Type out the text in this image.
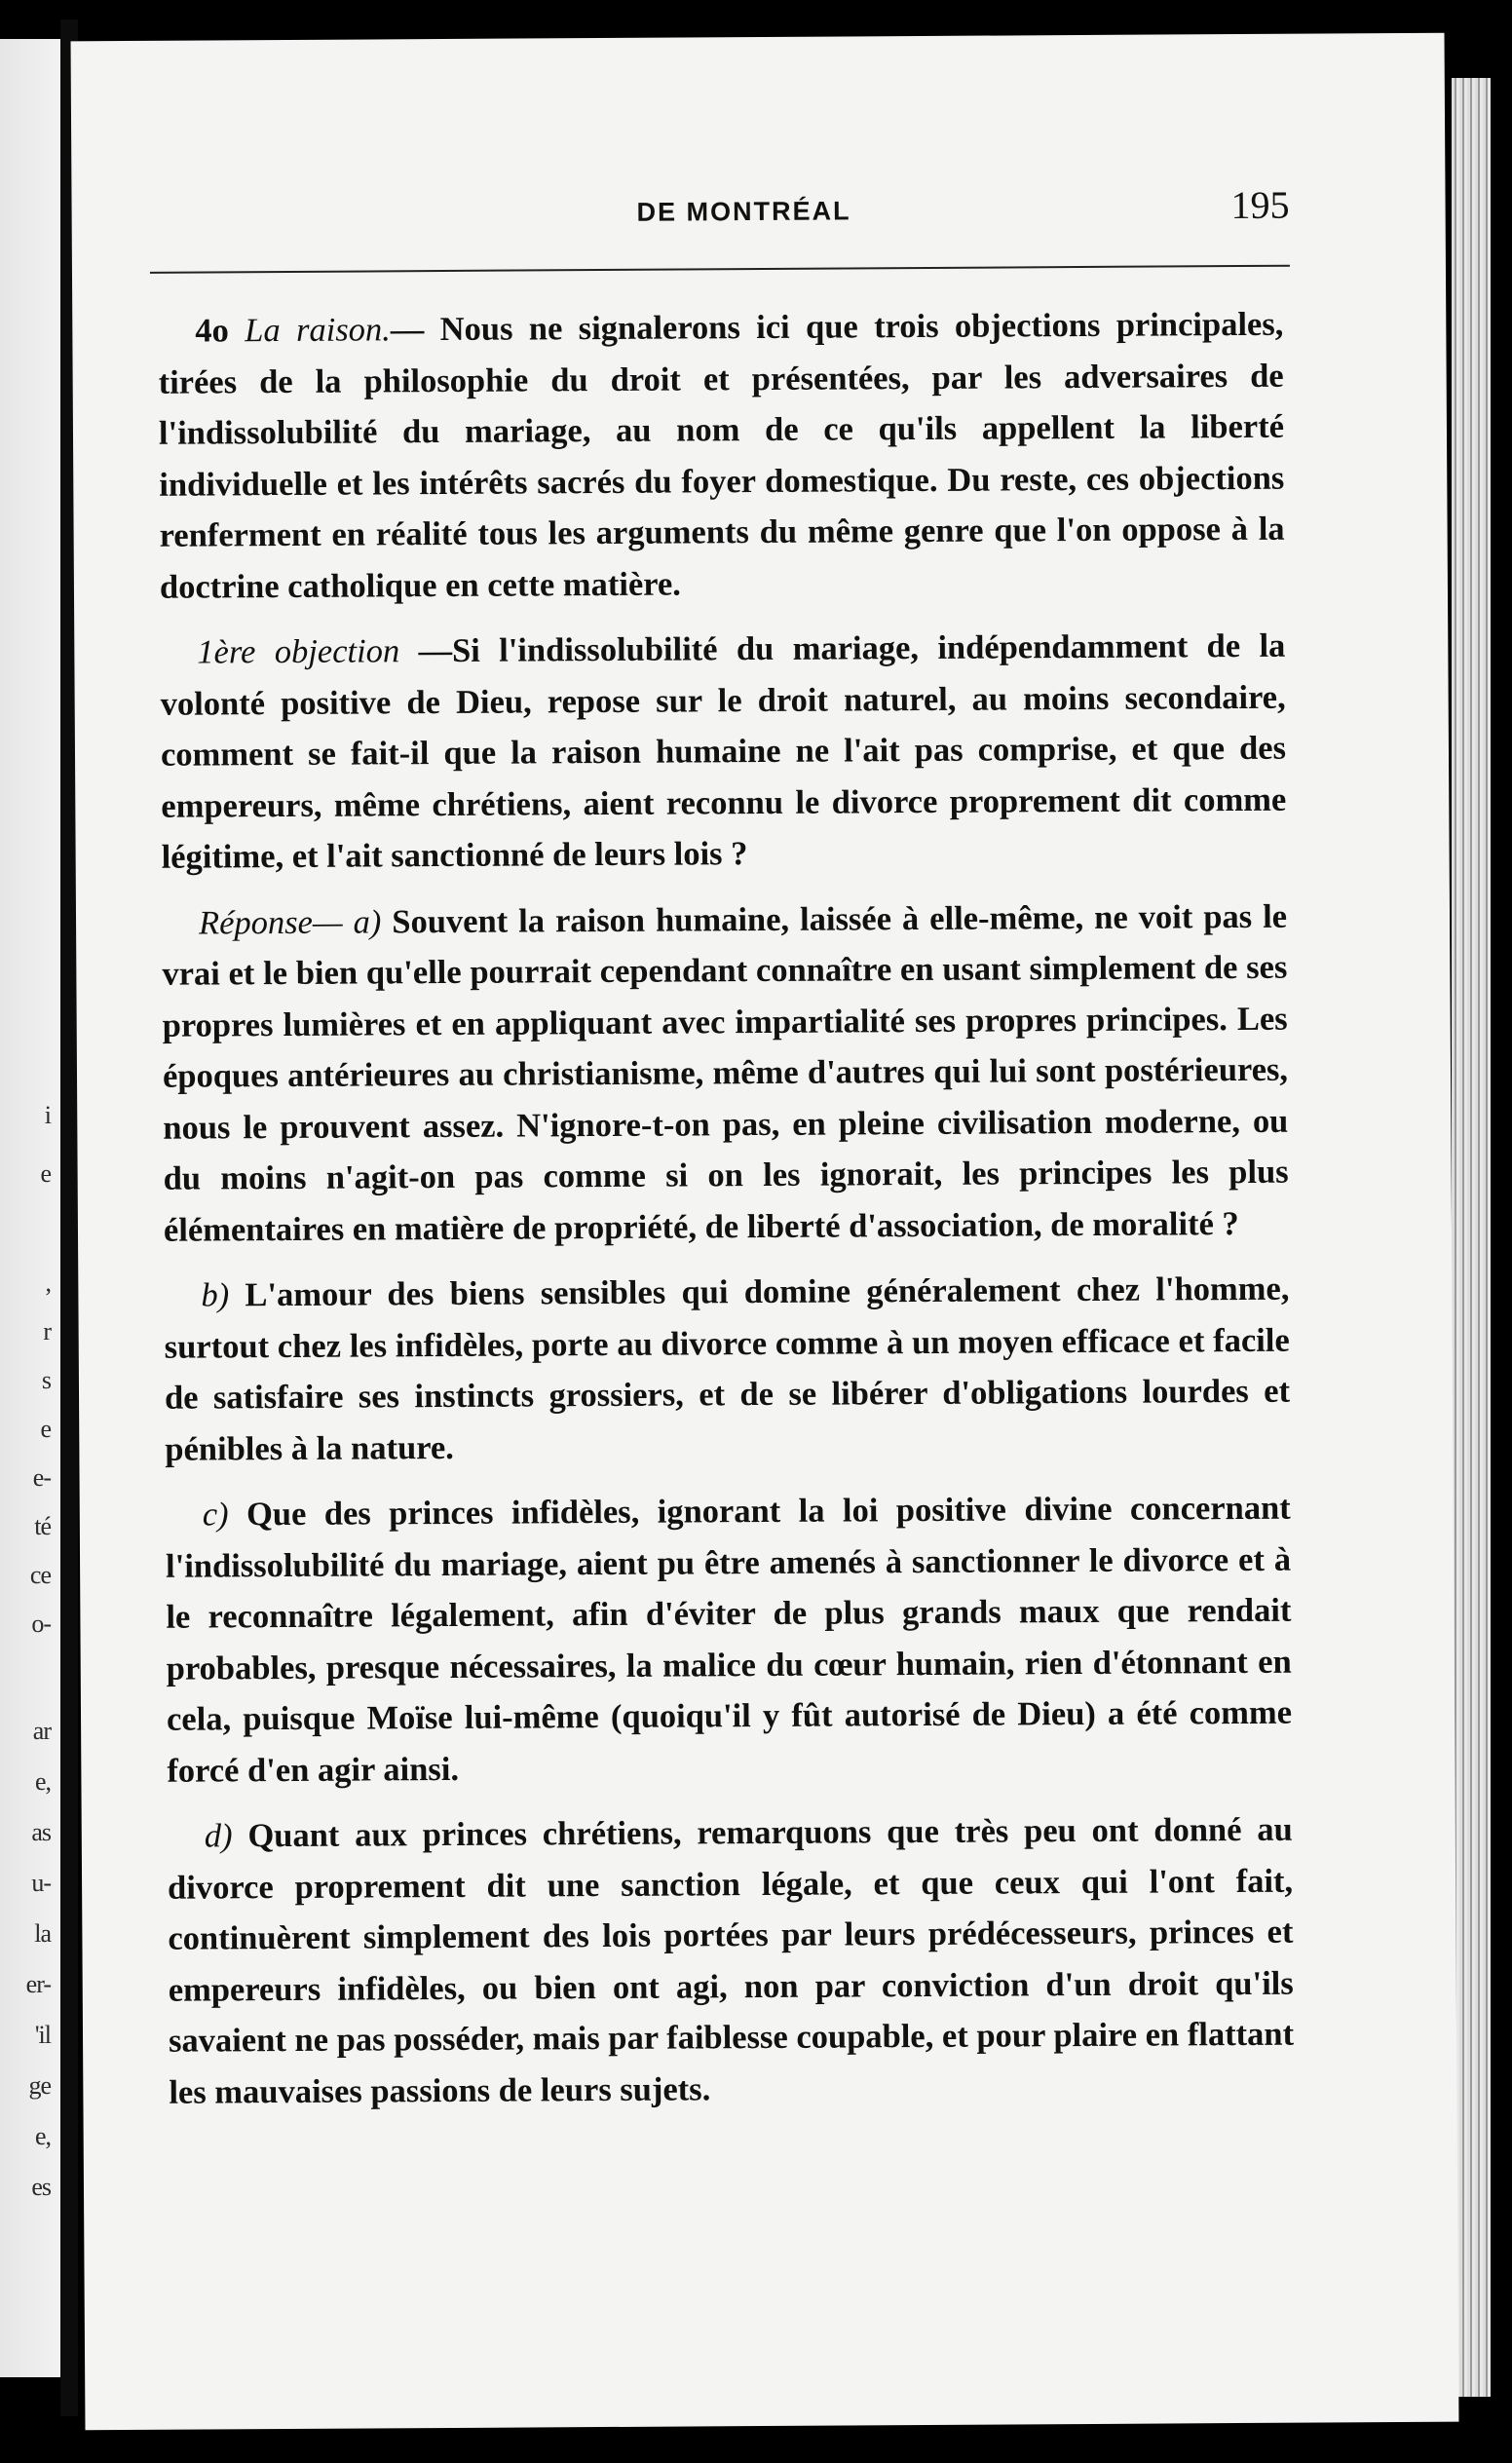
i
e
,
r
s
e
e-
té
ce
o-
ar
e,
as
u-
la
er-
'il
ge
e,
es
DE MONTRÉAL	195

4o La raison.— Nous ne signalerons ici que trois objections principales, tirées de la philosophie du droit et présentées, par les adversaires de l'indissolubilité du mariage, au nom de ce qu'ils appellent la liberté individuelle et les intérêts sacrés du foyer domestique. Du reste, ces objections renferment en réalité tous les arguments du même genre que l'on oppose à la doctrine catholique en cette matière.

1ère objection —Si l'indissolubilité du mariage, indépendamment de la volonté positive de Dieu, repose sur le droit naturel, au moins secondaire, comment se fait-il que la raison humaine ne l'ait pas comprise, et que des empereurs, même chrétiens, aient reconnu le divorce proprement dit comme légitime, et l'ait sanctionné de leurs lois ?

Réponse— a) Souvent la raison humaine, laissée à elle-même, ne voit pas le vrai et le bien qu'elle pourrait cependant connaître en usant simplement de ses propres lumières et en appliquant avec impartialité ses propres principes. Les époques antérieures au christianisme, même d'autres qui lui sont postérieures, nous le prouvent assez. N'ignore-t-on pas, en pleine civilisation moderne, ou du moins n'agit-on pas comme si on les ignorait, les principes les plus élémentaires en matière de propriété, de liberté d'association, de moralité ?

b) L'amour des biens sensibles qui domine généralement chez l'homme, surtout chez les infidèles, porte au divorce comme à un moyen efficace et facile de satisfaire ses instincts grossiers, et de se libérer d'obligations lourdes et pénibles à la nature.

c) Que des princes infidèles, ignorant la loi positive divine concernant l'indissolubilité du mariage, aient pu être amenés à sanctionner le divorce et à le reconnaître légalement, afin d'éviter de plus grands maux que rendait probables, presque nécessaires, la malice du cœur humain, rien d'étonnant en cela, puisque Moïse lui-même (quoiqu'il y fût autorisé de Dieu) a été comme forcé d'en agir ainsi.

d) Quant aux princes chrétiens, remarquons que très peu ont donné au divorce proprement dit une sanction légale, et que ceux qui l'ont fait, continuèrent simplement des lois portées par leurs prédécesseurs, princes et empereurs infidèles, ou bien ont agi, non par conviction d'un droit qu'ils savaient ne pas posséder, mais par faiblesse coupable, et pour plaire en flattant les mauvaises passions de leurs sujets.
